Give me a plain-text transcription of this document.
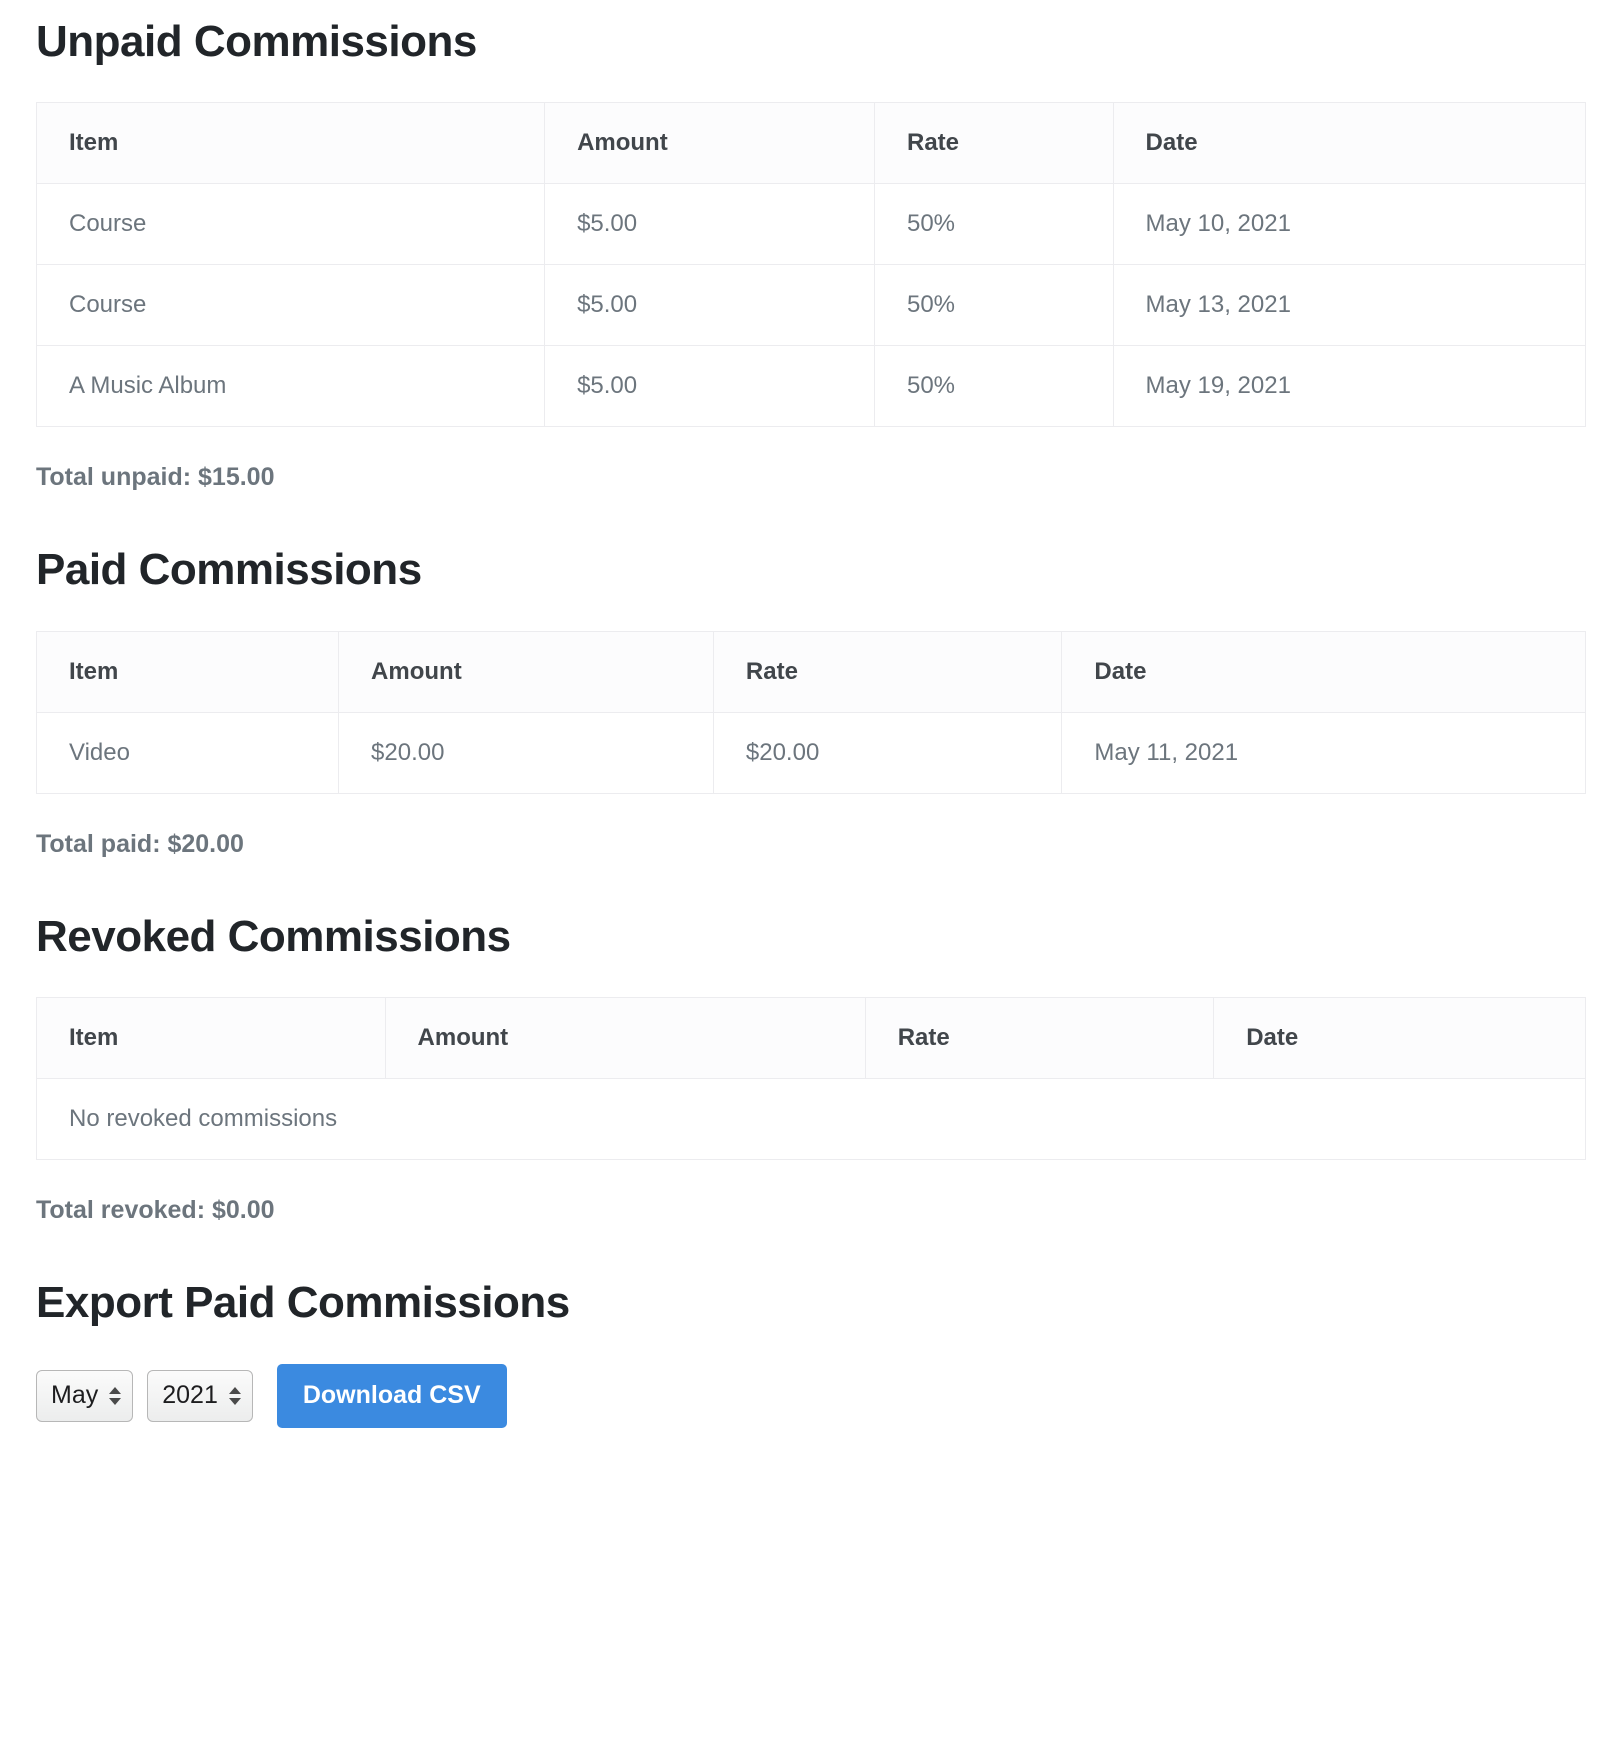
Unpaid Commissions
Item	Amount	Rate	Date
Course	$5.00	50%	May 10, 2021
Course	$5.00	50%	May 13, 2021
A Music Album	$5.00	50%	May 19, 2021
Total unpaid: $15.00
Paid Commissions
Item	Amount	Rate	Date
Video	$20.00	$20.00	May 11, 2021
Total paid: $20.00
Revoked Commissions
Item	Amount	Rate	Date
No revoked commissions
Total revoked: $0.00
Export Paid Commissions
May	2021	Download CSV
